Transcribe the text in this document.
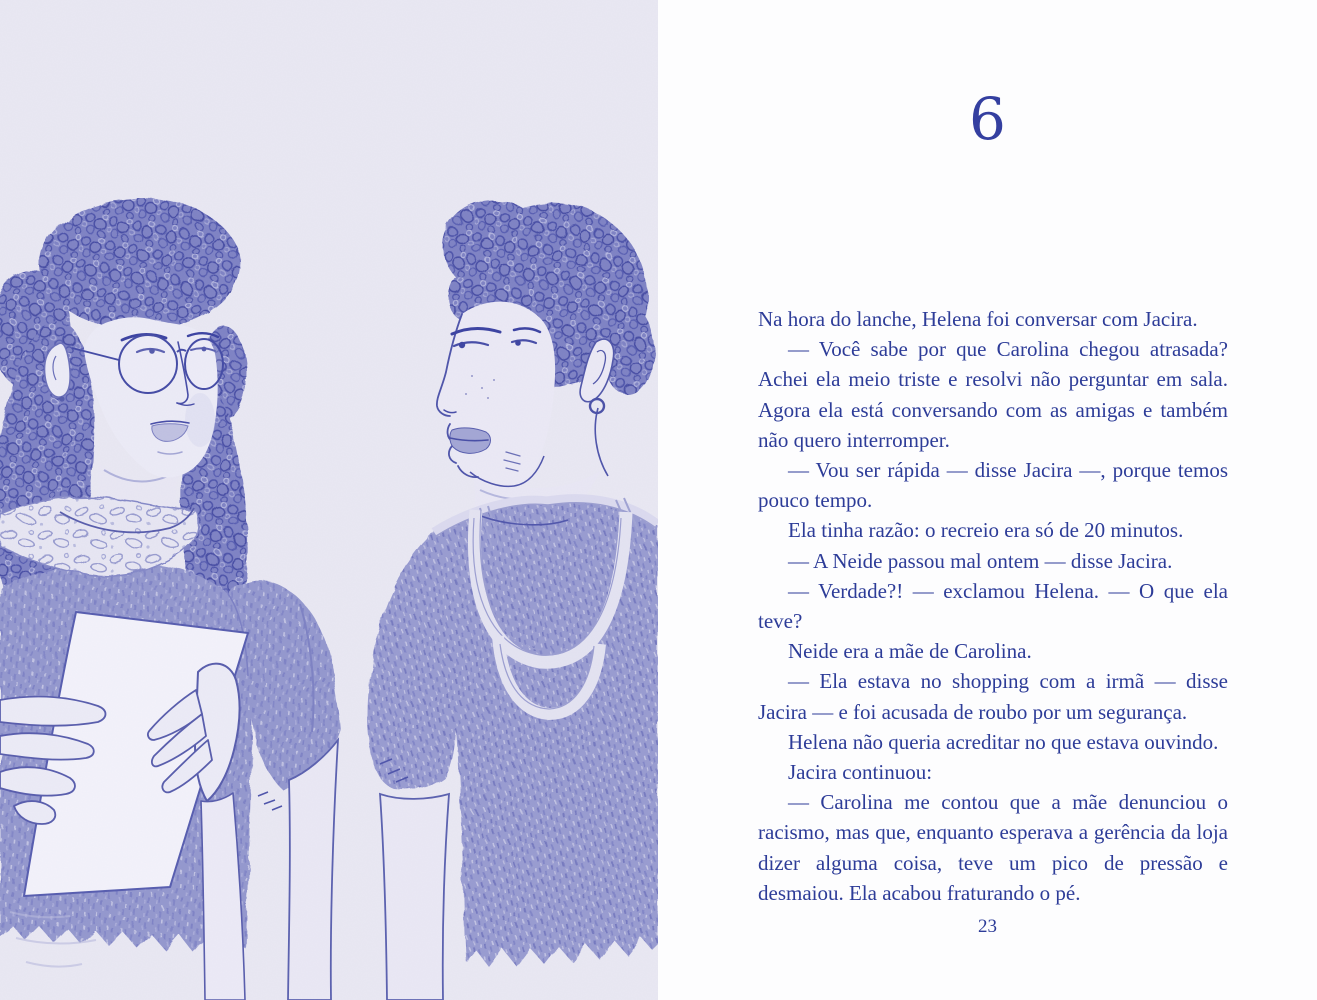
6

Na hora do lanche, Helena foi conversar com Jacira.

— Você sabe por que Carolina chegou atrasada? Achei ela meio triste e resolvi não perguntar em sala. Agora ela está conversando com as amigas e também não quero interromper.

— Vou ser rápida — disse Jacira —, porque temos pouco tempo.

Ela tinha razão: o recreio era só de 20 minutos.

— A Neide passou mal ontem — disse Jacira.

— Verdade?! — exclamou Helena. — O que ela teve?

Neide era a mãe de Carolina.

— Ela estava no shopping com a irmã — disse Jacira — e foi acusada de roubo por um segurança.

Helena não queria acreditar no que estava ouvindo.

Jacira continuou:

— Carolina me contou que a mãe denunciou o racismo, mas que, enquanto esperava a gerência da loja dizer alguma coisa, teve um pico de pressão e desmaiou. Ela acabou fraturando o pé.

23
